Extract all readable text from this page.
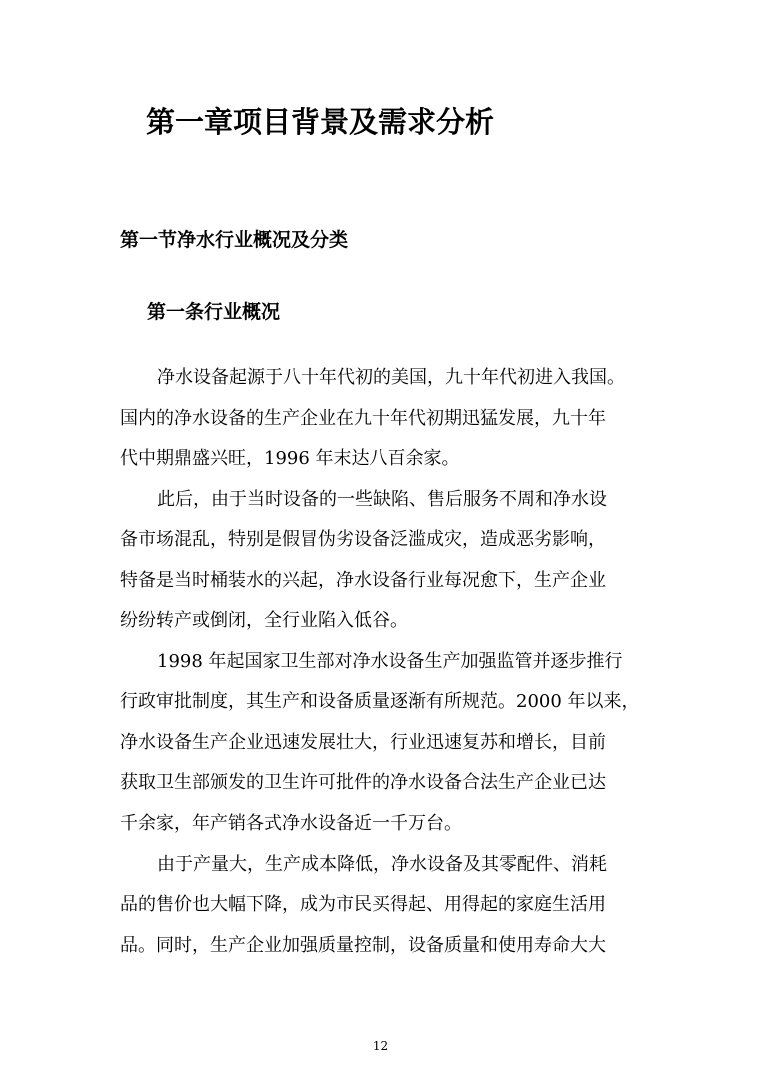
第一章项目背景及需求分析
第一节净水行业概况及分类
第一条行业概况
净水设备起源于八十年代初的美国，九十年代初进入我国。
国内的净水设备的生产企业在九十年代初期迅猛发展，九十年
代中期鼎盛兴旺，1996 年末达八百余家。
此后，由于当时设备的一些缺陷、售后服务不周和净水设
备市场混乱，特别是假冒伪劣设备泛滥成灾，造成恶劣影响，
特备是当时桶装水的兴起，净水设备行业每况愈下，生产企业
纷纷转产或倒闭，全行业陷入低谷。
1998 年起国家卫生部对净水设备生产加强监管并逐步推行
行政审批制度，其生产和设备质量逐渐有所规范。2000 年以来，
净水设备生产企业迅速发展壮大，行业迅速复苏和增长，目前
获取卫生部颁发的卫生许可批件的净水设备合法生产企业已达
千余家，年产销各式净水设备近一千万台。
由于产量大，生产成本降低，净水设备及其零配件、消耗
品的售价也大幅下降，成为市民买得起、用得起的家庭生活用
品。同时，生产企业加强质量控制，设备质量和使用寿命大大
12
